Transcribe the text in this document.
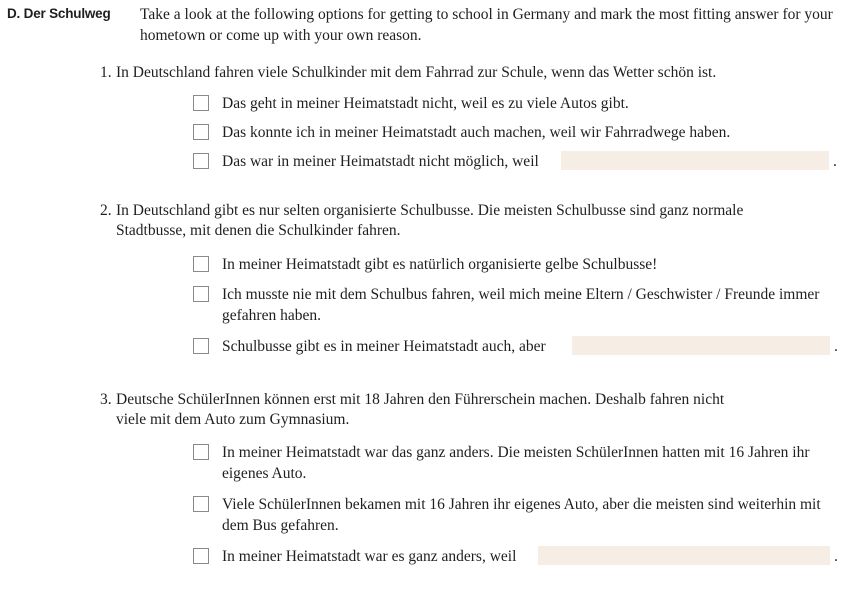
D. Der Schulweg Take a look at the following options for getting to school in Germany and mark the most fitting answer for your hometown or come up with your own reason.
1. In Deutschland fahren viele Schulkinder mit dem Fahrrad zur Schule, wenn das Wetter schön ist.
Das geht in meiner Heimatstadt nicht, weil es zu viele Autos gibt.
Das konnte ich in meiner Heimatstadt auch machen, weil wir Fahrradwege haben.
Das war in meiner Heimatstadt nicht möglich, weil	.
2. In Deutschland gibt es nur selten organisierte Schulbusse. Die meisten Schulbusse sind ganz normale
Stadtbusse, mit denen die Schulkinder fahren.
In meiner Heimatstadt gibt es natürlich organisierte gelbe Schulbusse!
Ich musste nie mit dem Schulbus fahren, weil mich meine Eltern / Geschwister / Freunde immer gefahren haben.
Schulbusse gibt es in meiner Heimatstadt auch, aber	.
3. Deutsche SchülerInnen können erst mit 18 Jahren den Führerschein machen. Deshalb fahren nicht
viele mit dem Auto zum Gymnasium.
In meiner Heimatstadt war das ganz anders. Die meisten SchülerInnen hatten mit 16 Jahren ihr eigenes Auto.
Viele SchülerInnen bekamen mit 16 Jahren ihr eigenes Auto, aber die meisten sind weiterhin mit dem Bus gefahren.
In meiner Heimatstadt war es ganz anders, weil	.
